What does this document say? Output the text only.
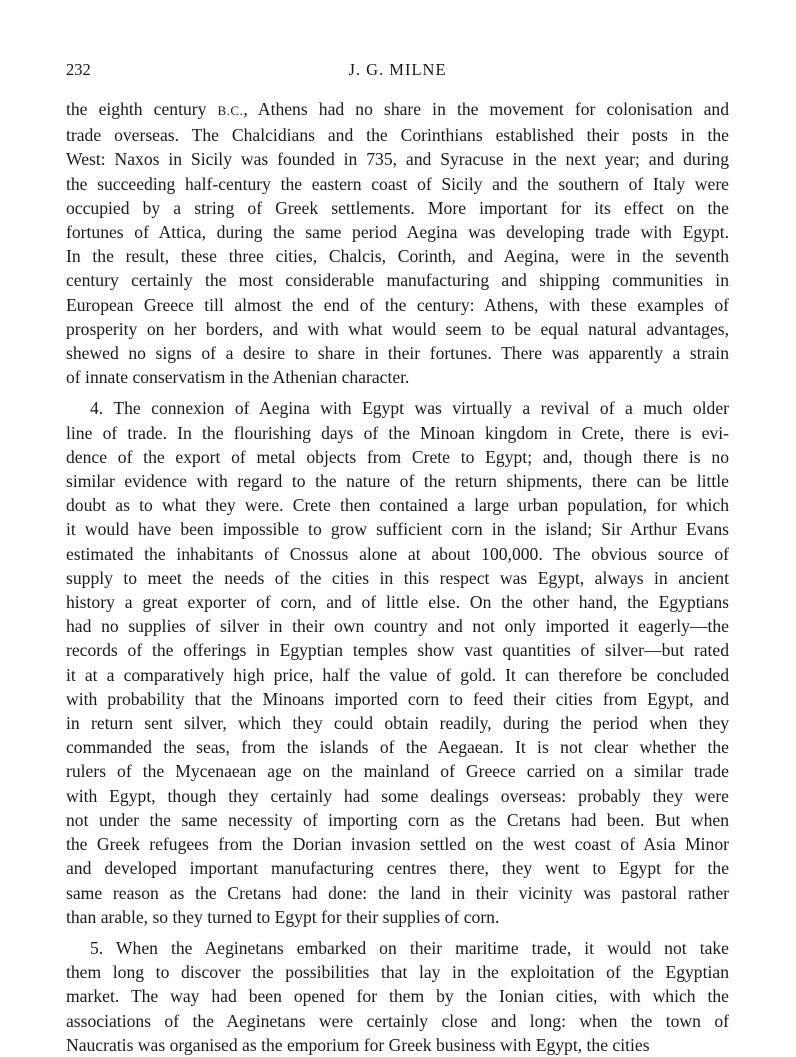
232	J. G. MILNE
the eighth century B.C., Athens had no share in the movement for colonisation and
trade overseas. The Chalcidians and the Corinthians established their posts in the
West: Naxos in Sicily was founded in 735, and Syracuse in the next year; and during
the succeeding half-century the eastern coast of Sicily and the southern of Italy were
occupied by a string of Greek settlements. More important for its effect on the
fortunes of Attica, during the same period Aegina was developing trade with Egypt.
In the result, these three cities, Chalcis, Corinth, and Aegina, were in the seventh
century certainly the most considerable manufacturing and shipping communities in
European Greece till almost the end of the century: Athens, with these examples of
prosperity on her borders, and with what would seem to be equal natural advantages,
shewed no signs of a desire to share in their fortunes. There was apparently a strain
of innate conservatism in the Athenian character.
4. The connexion of Aegina with Egypt was virtually a revival of a much older
line of trade. In the flourishing days of the Minoan kingdom in Crete, there is evi-
dence of the export of metal objects from Crete to Egypt; and, though there is no
similar evidence with regard to the nature of the return shipments, there can be little
doubt as to what they were. Crete then contained a large urban population, for which
it would have been impossible to grow sufficient corn in the island; Sir Arthur Evans
estimated the inhabitants of Cnossus alone at about 100,000. The obvious source of
supply to meet the needs of the cities in this respect was Egypt, always in ancient
history a great exporter of corn, and of little else. On the other hand, the Egyptians
had no supplies of silver in their own country and not only imported it eagerly—the
records of the offerings in Egyptian temples show vast quantities of silver—but rated
it at a comparatively high price, half the value of gold. It can therefore be concluded
with probability that the Minoans imported corn to feed their cities from Egypt, and
in return sent silver, which they could obtain readily, during the period when they
commanded the seas, from the islands of the Aegaean. It is not clear whether the
rulers of the Mycenaean age on the mainland of Greece carried on a similar trade
with Egypt, though they certainly had some dealings overseas: probably they were
not under the same necessity of importing corn as the Cretans had been. But when
the Greek refugees from the Dorian invasion settled on the west coast of Asia Minor
and developed important manufacturing centres there, they went to Egypt for the
same reason as the Cretans had done: the land in their vicinity was pastoral rather
than arable, so they turned to Egypt for their supplies of corn.
5. When the Aeginetans embarked on their maritime trade, it would not take
them long to discover the possibilities that lay in the exploitation of the Egyptian
market. The way had been opened for them by the Ionian cities, with which the
associations of the Aeginetans were certainly close and long: when the town of
Naucratis was organised as the emporium for Greek business with Egypt, the cities
